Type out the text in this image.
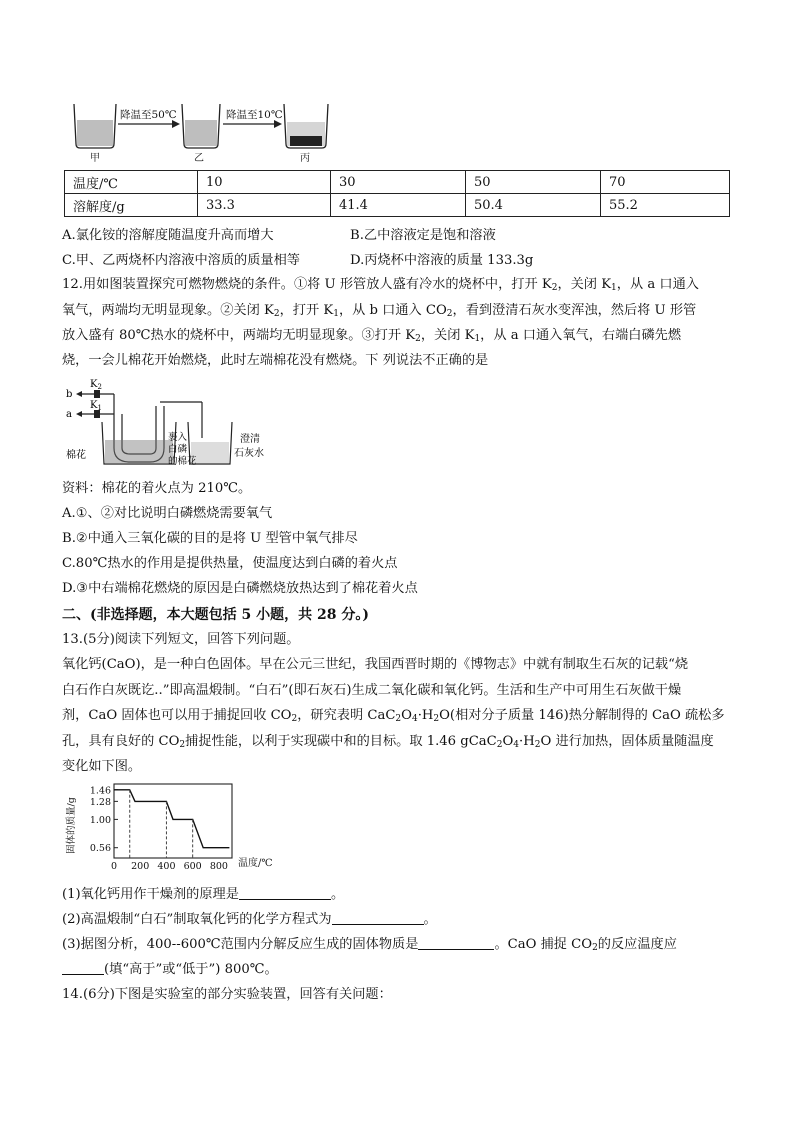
降温至50℃	降温至10℃
甲	乙	丙
温度/℃	10	30	50	70
溶解度/g	33.3	41.4	50.4	55.2
A.氯化铵的溶解度随温度升高而增大	B.乙中溶液定是饱和溶液
C.甲、乙两烧杯内溶液中溶质的质量相等	D.丙烧杯中溶液的质量 133.3g
12.用如图装置探究可燃物燃烧的条件。①将 U 形管放人盛有冷水的烧杯中，打开 $K_2$，关闭 $K_1$，从 a 口通入
氧气，两端均无明显现象。②关闭 $K_2$，打开 $K_1$，从 b 口通入 $CO_2$，看到澄清石灰水变浑浊，然后将 U 形管
放入盛有 80℃热水的烧杯中，两端均无明显现象。③打开 $K_2$，关闭 $K_1$，从 a 口通入氧气，右端白磷先燃
烧，一会儿棉花开始燃烧，此时左端棉花没有燃烧。下 列说法不正确的是
b
a
$K_2$
$K_1$
棉花
裹入
白磷
的棉花
澄清
石灰水
资料：棉花的着火点为 210℃。
A.①、②对比说明白磷燃烧需要氧气
B.②中通入三氧化碳的目的是将 U 型管中氧气排尽
C.80℃热水的作用是提供热量，使温度达到白磷的着火点
D.③中右端棉花燃烧的原因是白磷燃烧放热达到了棉花着火点
二、(非选择题，本大题包括 5 小题，共 28 分。)
13.(5分)阅读下列短文，回答下列问题。
氧化钙(CaO)，是一种白色固体。早在公元三世纪，我国西晋时期的《博物志》中就有制取生石灰的记载“烧
白石作白灰既讫..”即高温煅制。“白石”(即石灰石)生成二氧化碳和氧化钙。生活和生产中可用生石灰做干燥
剂，CaO 固体也可以用于捕捉回收 $CO_2$，研究表明 $CaC_2O_4\cdot H_2O$(相对分子质量 146)热分解制得的 CaO 疏松多
孔，具有良好的 $CO_2$捕捉性能，以利于实现碳中和的目标。取 1.46 $gCaC_2O_4\cdot H_2O$ 进行加热，固体质量随温度
变化如下图。
1.46
1.28
1.00
0.56
0 200 400 600 800 温度/℃
固体的质量/g
(1)氧化钙用作干燥剂的原理是	。
(2)高温煅制“白石”制取氧化钙的化学方程式为	。
(3)据图分析，400--600℃范围内分解反应生成的固体物质是	。CaO 捕捉 $CO_2$的反应温度应
(填“高于”或“低于”) 800℃。
14.(6分)下图是实验室的部分实验装置，回答有关问题：
